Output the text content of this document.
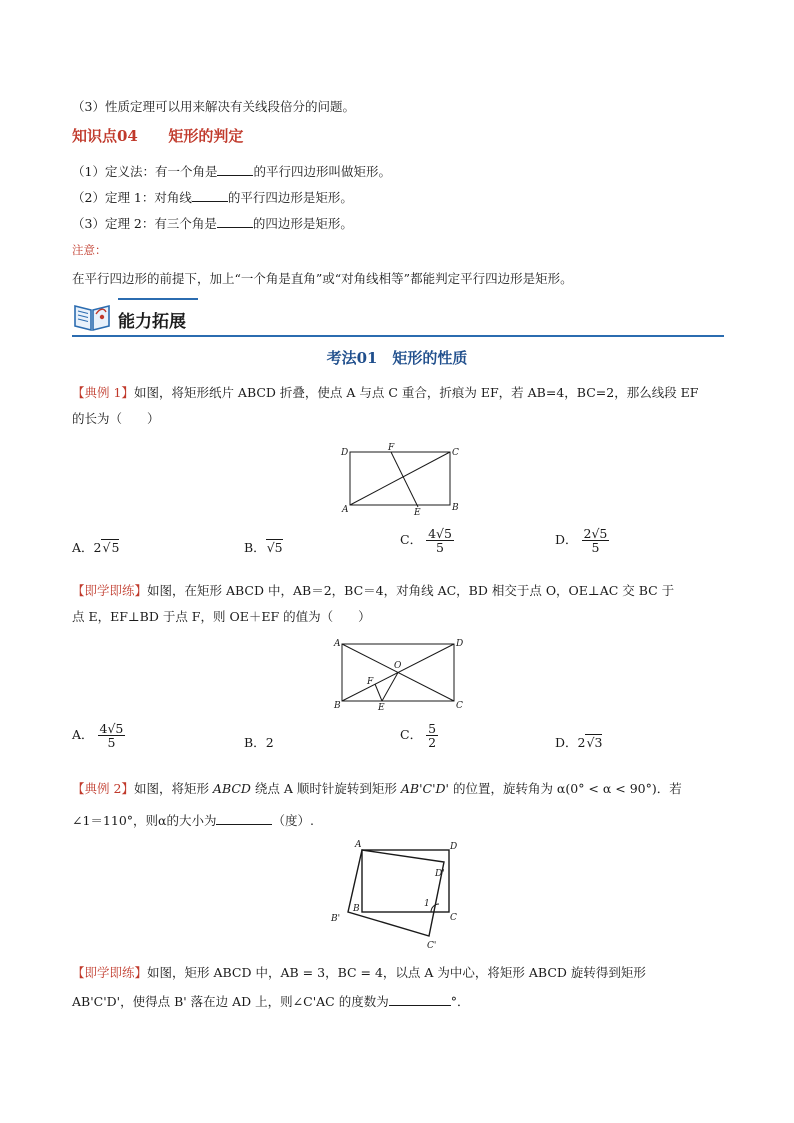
（3）性质定理可以用来解决有关线段倍分的问题。
知识点04 矩形的判定
（1）定义法：有一个角是	的平行四边形叫做矩形。
（2）定理 1：对角线	的平行四边形是矩形。
（3）定理 2：有三个角是	的四边形是矩形。
注意：
在平行四边形的前提下，加上“一个角是直角”或“对角线相等”都能判定平行四边形是矩形。
能力拓展
考法01　矩形的性质
【典例 1】如图，将矩形纸片 ABCD 折叠，使点 A 与点 C 重合，折痕为 EF，若 AB=4，BC=2，那么线段 EF
的长为（　　）
D	F	C
A	E	B
A．2√5	B．√5
C． $\frac{4√5}{5}$	D． $\frac{2√5}{5}$
【即学即练】如图，在矩形 ABCD 中，AB＝2，BC＝4，对角线 AC，BD 相交于点 O，OE⊥AC 交 BC 于
点 E，EF⊥BD 于点 F，则 OE＋EF 的值为（　　）
A	D
O
F
B	E	C
A． $\frac{4√5}{5}$	B．2
C． $\frac{5}{2}$	D．2√3
【典例 2】如图，将矩形 ABCD 绕点 A 顺时针旋转到矩形 AB'C'D' 的位置，旋转角为 α(0° < α < 90°)．若
∠1＝110°，则α的大小为	（度）.
A	D
D'
1
B'
B
C
C'
【即学即练】如图，矩形 ABCD 中，AB = 3，BC = 4，以点 A 为中心，将矩形 ABCD 旋转得到矩形
AB'C'D'，使得点 B' 落在边 AD 上，则∠C'AC 的度数为	°．
